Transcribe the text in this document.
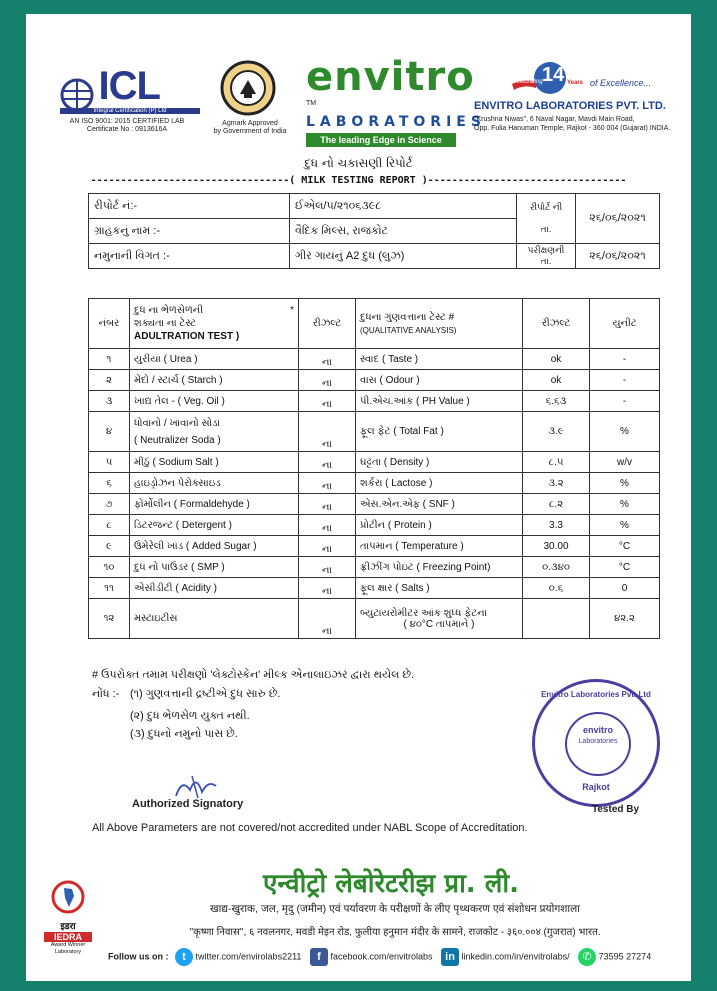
ICL
Integral Certification (P) Ltd
AN ISO 9001: 2015 CERTIFIED LAB
Certificate No : 0913616A
Agmark Approved
by Government of India
envitro ™
LABORATORIES
The leading Edge in Science
Celebrating 14 Years of Excellence...
ENVITRO LABORATORIES PVT. LTD.
"Krushna Niwas", 6 Naval Nagar, Mavdi Main Road,
Opp. Fulia Hanuman Temple, Rajkot - 360 004 (Gujarat) INDIA.
દુધ નો ચકાસણી રિપોર્ટ
---------------------------------( MILK TESTING REPORT )---------------------------------
રીપોર્ટ નં:-	ઈએલ/૫/૨૧૦૬૩૯૮	રીપોર્ટ ની

તા.	૨૬/૦૬/૨૦૨૧
ગ્રાહકનું નામ :-	વૈદિક મિલ્સ, રાજકોટ		
નમુનાની વિગત :-	ગીર ગાયનું A2 દુધ (લુઝ)	પરીક્ષણની
તા.	૨૬/૦૬/૨૦૨૧
નંબર	દુધ ના ભેળસેળની *

શક્યતા ના ટેસ્ટ
ADULTRATION TEST )	રીઝલ્ટ	દુધના ગુણવત્તાના ટેસ્ટ #
(QUALITATIVE ANALYSIS)	રીઝલ્ટ	યુનીટ
૧	યુરીયા ( Urea )	ના	સ્વાદ ( Taste )	ok	-
૨	મેંદો / સ્ટાર્ચ ( Starch )	ના	વાસ ( Odour )	ok	-
૩	ખાદ્ય તેલ - ( Veg. Oil )	ના	પી.એચ.આંક ( PH Value )	૬.૬૩	-
૪	ધોવાનો / ખાવાનો સોડા
( Neutralizer Soda )	ના	ફૂલ ફેટ ( Total Fat )	૩.૯	%
૫	મીઠું ( Sodium Salt )	ના	ઘટ્ટતા ( Density )	૮.૫	w/v
૬	હાઇડ્રોઝન પેરોક્સાઇડ	ના	શર્કરા ( Lactose )	૩.૨	%
૭	ફોર્મોલીન ( Formaldehyde )	ના	એસ.એન.એફ ( SNF )	૮.૨	%
૮	ડિટરજન્ટ ( Detergent )	ના	પ્રોટીન ( Protein )	3.3	%
૯	ઉમેરેલી ખાંડ ( Added Sugar )	ના	તાપમાન ( Temperature )	30.00	°C
૧૦	દુધ નો પાઉડર ( SMP )	ના	ફ્રીઝીંગ પોઇંટ ( Freezing Point)	૦.૩૪૦	°C
૧૧	એસીડીટી ( Acidity )	ના	ફૂલ ક્ષાર ( Salts )	૦.૬	0
૧૨	મસ્ટાઇટીસ	ના	બ્યુટાયરોમીટર આંક શુધ્ધ ફેટના
( ૪૦°C તાપમાને )		૪૨.૨
# ઉપરોક્ત તમામ પરીક્ષણો 'લેક્ટોસ્કેન' મીલ્ક એનાલાઇઝર દ્વારા થયેલ છે.
નોંધ :- (૧) ગુણવત્તાની દ્રષ્ટીએ દુધ સારુ છે.
(૨) દુધ ભેળસેળ યુક્ત નથી.
(૩) દુધનો નમુનો પાસ છે.
Authorized Signatory
Envitro Laboratories Pvt. Ltd
envitro
Laboratories
Rajkot
Tested By
All Above Parameters are not covered/not accredited under NABL Scope of Accreditation.
एन्वीट्रो लेबोरेटरीझ प्रा. ली.
खाद्य-खुराक, जल, मृदु (जमीन) एवं पर्यावरण के परीक्षणों के लीए पृथ्थकरण एवं संशोधन प्रयोगशाला
''कृष्णा निवास'', ६ नवलनगर, मवडी मेइन रोड, फुलीया हनुमान मंदीर के सामने, राजकोट - ३६०.००४ (गुजरात) भारत.
इडरा
IEDRA
Award Winner
Laboratory	Follow us on : t twitter.com/envirolabs2211 f facebook.com/envitrolabs in linkedin.com/in/envitrolabs/ ✆ 73595 27274
